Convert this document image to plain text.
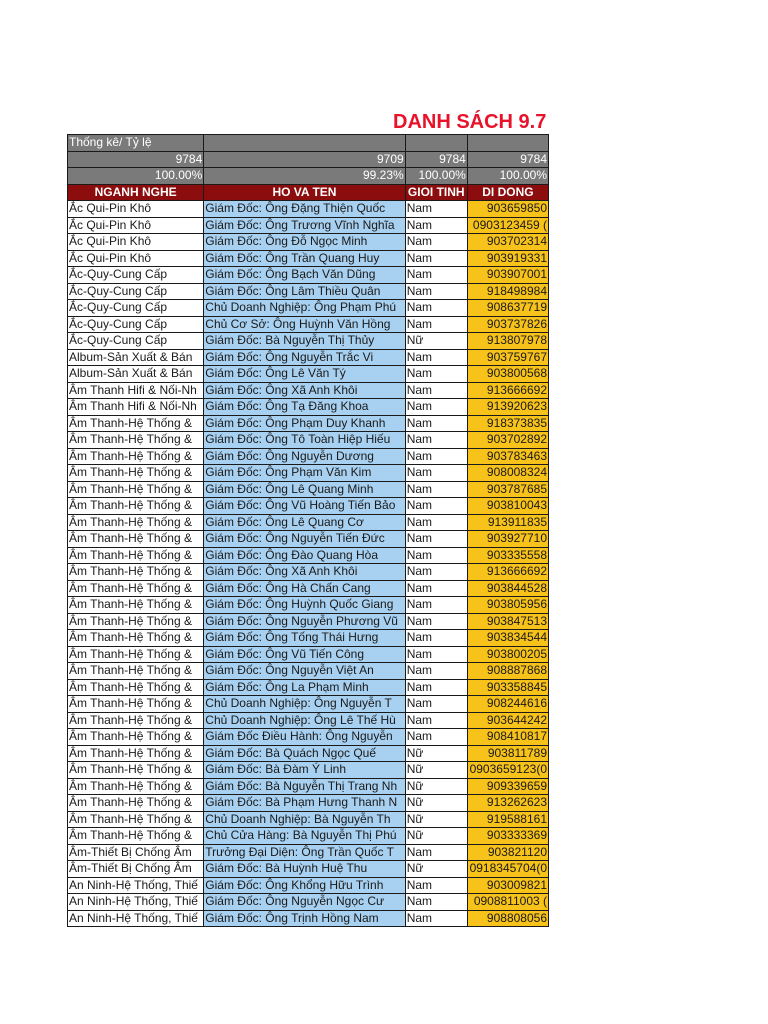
DANH SÁCH 9.7
Thống kê/ Tỷ lệ			
9784	9709	9784	9784
100.00%	99.23%	100.00%	100.00%
NGANH NGHE	HO VA TEN	GIOI TINH	DI DONG
Ắc Qui-Pin Khô	Giám Đốc: Ông Đặng Thiện Quốc	Nam	903659850
Ắc Qui-Pin Khô	Giám Đốc: Ông Trương Vĩnh Nghĩa	Nam	0903123459 (
Ắc Qui-Pin Khô	Giám Đốc: Ông Đỗ Ngọc Minh	Nam	903702314
Ắc Qui-Pin Khô	Giám Đốc: Ông Trần Quang Huy	Nam	903919331
Ắc-Quy-Cung Cấp	Giám Đốc: Ông Bạch Văn Dũng	Nam	903907001
Ắc-Quy-Cung Cấp	Giám Đốc: Ông Lâm Thiều Quân	Nam	918498984
Ắc-Quy-Cung Cấp	Chủ Doanh Nghiệp: Ông Phạm Phú	Nam	908637719
Ắc-Quy-Cung Cấp	Chủ Cơ Sở: Ông Huỳnh Văn Hồng	Nam	903737826
Ắc-Quy-Cung Cấp	Giám Đốc: Bà Nguyễn Thị Thủy	Nữ	913807978
Album-Sản Xuất & Bán	Giám Đốc: Ông Nguyễn Trắc Vi	Nam	903759767
Album-Sản Xuất & Bán	Giám Đốc: Ông Lê Văn Tý	Nam	903800568
Âm Thanh Hifi & Nối-Nh	Giám Đốc: Ông Xã Anh Khôi	Nam	913666692
Âm Thanh Hifi & Nối-Nh	Giám Đốc: Ông Tạ Đăng Khoa	Nam	913920623
Âm Thanh-Hệ Thống &	Giám Đốc: Ông Phạm Duy Khanh	Nam	918373835
Âm Thanh-Hệ Thống &	Giám Đốc: Ông Tô Toàn Hiệp Hiếu	Nam	903702892
Âm Thanh-Hệ Thống &	Giám Đốc: Ông Nguyễn Dương	Nam	903783463
Âm Thanh-Hệ Thống &	Giám Đốc: Ông Phạm Văn Kim	Nam	908008324
Âm Thanh-Hệ Thống &	Giám Đốc: Ông Lê Quang Minh	Nam	903787685
Âm Thanh-Hệ Thống &	Giám Đốc: Ông Vũ Hoàng Tiến Bảo	Nam	903810043
Âm Thanh-Hệ Thống &	Giám Đốc: Ông Lê Quang Cơ	Nam	913911835
Âm Thanh-Hệ Thống &	Giám Đốc: Ông Nguyễn Tiến Đức	Nam	903927710
Âm Thanh-Hệ Thống &	Giám Đốc: Ông Đào Quang Hòa	Nam	903335558
Âm Thanh-Hệ Thống &	Giám Đốc: Ông Xã Anh Khôi	Nam	913666692
Âm Thanh-Hệ Thống &	Giám Đốc: Ông Hà Chấn Cang	Nam	903844528
Âm Thanh-Hệ Thống &	Giám Đốc: Ông Huỳnh Quốc Giang	Nam	903805956
Âm Thanh-Hệ Thống &	Giám Đốc: Ông Nguyễn Phương Vũ	Nam	903847513
Âm Thanh-Hệ Thống &	Giám Đốc: Ông Tống Thái Hưng	Nam	903834544
Âm Thanh-Hệ Thống &	Giám Đốc: Ông Vũ Tiến Công	Nam	903800205
Âm Thanh-Hệ Thống &	Giám Đốc: Ông Nguyễn Việt An	Nam	908887868
Âm Thanh-Hệ Thống &	Giám Đốc: Ông La Phạm Minh	Nam	903358845
Âm Thanh-Hệ Thống &	Chủ Doanh Nghiệp: Ông Nguyễn T	Nam	908244616
Âm Thanh-Hệ Thống &	Chủ Doanh Nghiệp: Ông Lê Thế Hù	Nam	903644242
Âm Thanh-Hệ Thống &	Giám Đốc Điều Hành: Ông Nguyễn	Nam	908410817
Âm Thanh-Hệ Thống &	Giám Đốc: Bà Quách Ngọc Quế	Nữ	903811789
Âm Thanh-Hệ Thống &	Giám Đốc: Bà Đàm Ý Linh	Nữ	0903659123(0
Âm Thanh-Hệ Thống &	Giám Đốc: Bà Nguyễn Thị Trang Nh	Nữ	909339659
Âm Thanh-Hệ Thống &	Giám Đốc: Bà Phạm Hưng Thanh N	Nữ	913262623
Âm Thanh-Hệ Thống &	Chủ Doanh Nghiệp: Bà Nguyễn Th	Nữ	919588161
Âm Thanh-Hệ Thống &	Chủ Cửa Hàng: Bà Nguyễn Thị Phú	Nữ	903333369
Âm-Thiết Bị Chống Âm	Trưởng Đại Diện: Ông Trần Quốc T	Nam	903821120
Âm-Thiết Bị Chống Âm	Giám Đốc: Bà Huỳnh Huệ Thu	Nữ	0918345704(0
An Ninh-Hệ Thống, Thiế	Giám Đốc: Ông Khổng Hữu Trình	Nam	903009821
An Ninh-Hệ Thống, Thiế	Giám Đốc: Ông Nguyễn Ngọc Cư	Nam	0908811003 (
An Ninh-Hệ Thống, Thiế	Giám Đốc: Ông Trịnh Hồng Nam	Nam	908808056
